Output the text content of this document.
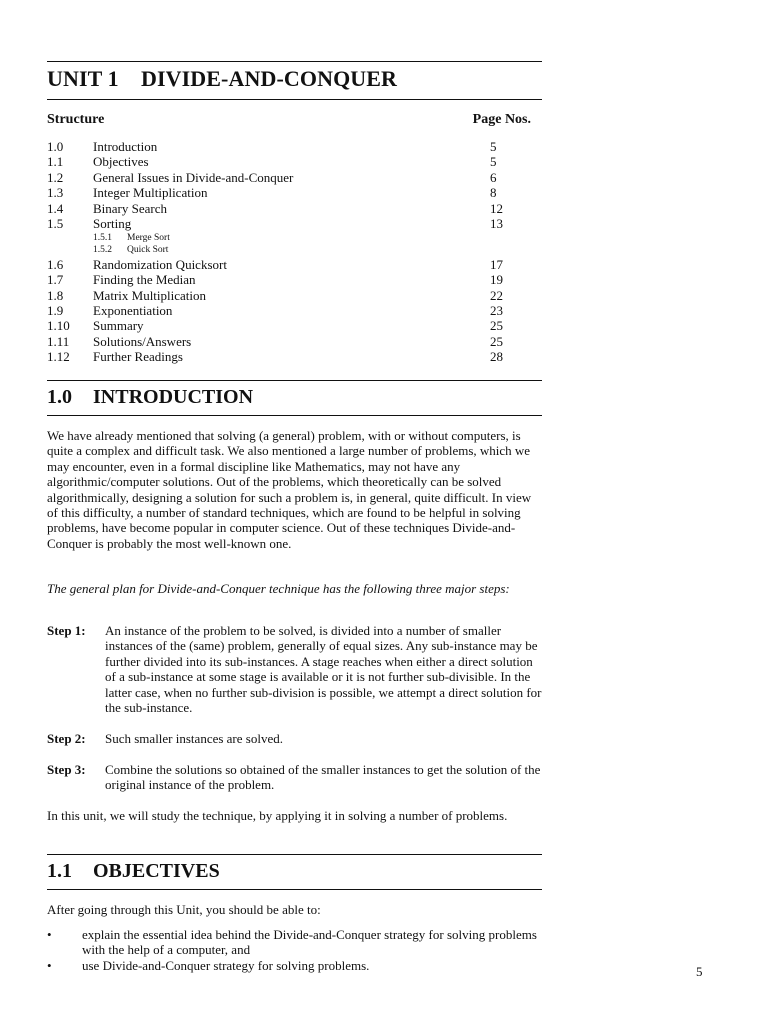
UNIT 1 DIVIDE-AND-CONQUER
Structure	Page Nos.
1.0 Introduction	5
1.1 Objectives	5
1.2 General Issues in Divide-and-Conquer	6
1.3 Integer Multiplication	8
1.4 Binary Search	12
1.5 Sorting	13
1.5.1 Merge Sort
1.5.2 Quick Sort
1.6 Randomization Quicksort	17
1.7 Finding the Median	19
1.8 Matrix Multiplication	22
1.9 Exponentiation	23
1.10 Summary	25
1.11 Solutions/Answers	25
1.12 Further Readings	28
1.0 INTRODUCTION

We have already mentioned that solving (a general) problem, with or without computers, is quite a complex and difficult task. We also mentioned a large number of problems, which we may encounter, even in a formal discipline like Mathematics, may not have any algorithmic/computer solutions. Out of the problems, which theoretically can be solved algorithmically, designing a solution for such a problem is, in general, quite difficult. In view of this difficulty, a number of standard techniques, which are found to be helpful in solving problems, have become popular in computer science. Out of these techniques Divide-and-Conquer is probably the most well-known one.

The general plan for Divide-and-Conquer technique has the following three major steps:

Step 1: An instance of the problem to be solved, is divided into a number of smaller instances of the (same) problem, generally of equal sizes. Any sub-instance may be further divided into its sub-instances. A stage reaches when either a direct solution of a sub-instance at some stage is available or it is not further sub-divisible. In the latter case, when no further sub-division is possible, we attempt a direct solution for the sub-instance.

Step 2: Such smaller instances are solved.

Step 3: Combine the solutions so obtained of the smaller instances to get the solution of the original instance of the problem.

In this unit, we will study the technique, by applying it in solving a number of problems.

1.1 OBJECTIVES

After going through this Unit, you should be able to:

• explain the essential idea behind the Divide-and-Conquer strategy for solving problems with the help of a computer, and
• use Divide-and-Conquer strategy for solving problems.	5
